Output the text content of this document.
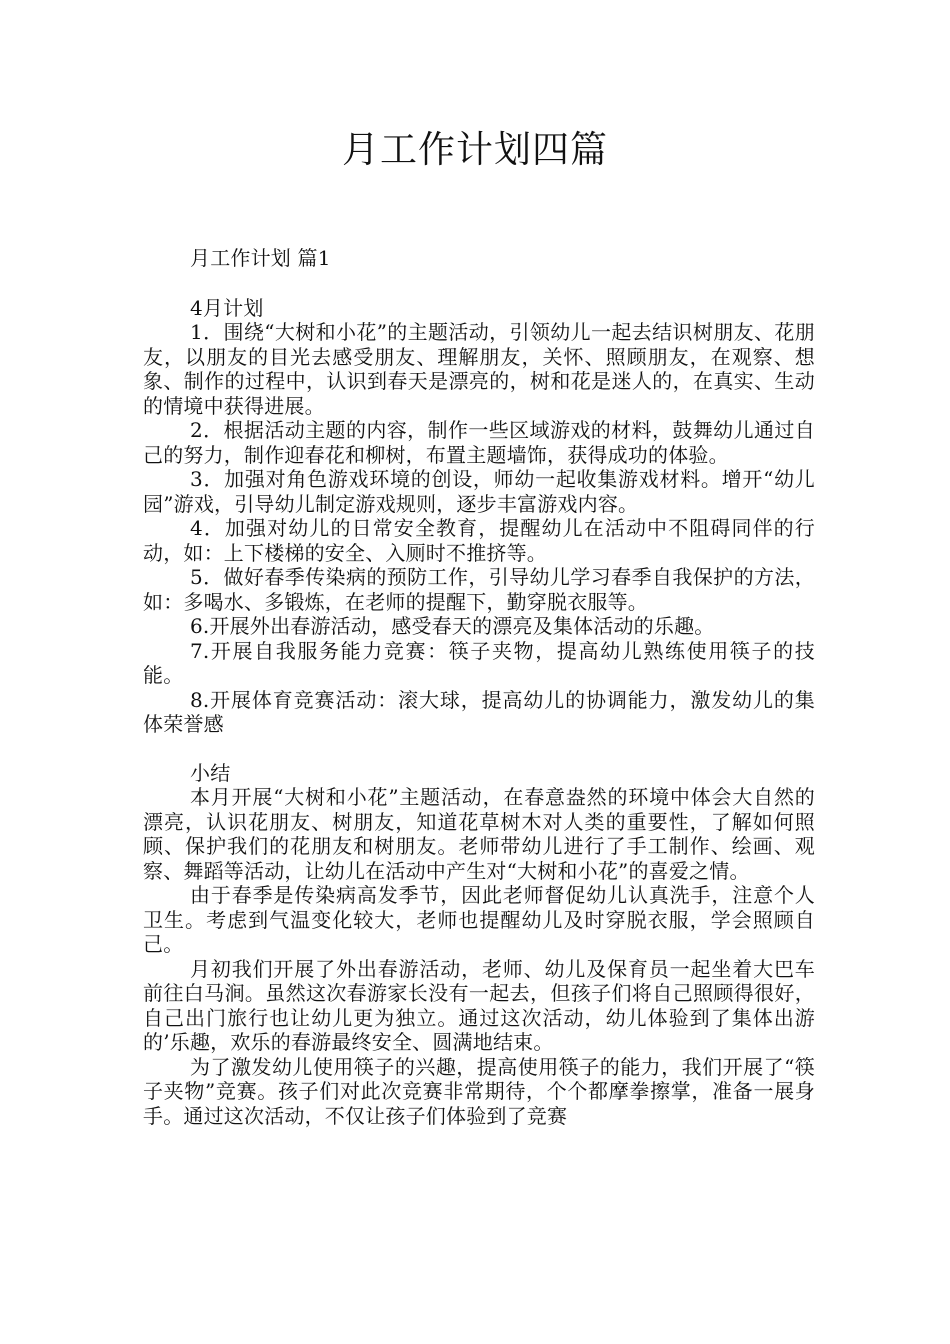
月工作计划四篇

月工作计划 篇1

4月计划

1．围绕“大树和小花”的主题活动，引领幼儿一起去结识树朋友、花朋友，以朋友的目光去感受朋友、理解朋友，关怀、照顾朋友，在观察、想象、制作的过程中，认识到春天是漂亮的，树和花是迷人的，在真实、生动的情境中获得进展。

2．根据活动主题的内容，制作一些区域游戏的材料，鼓舞幼儿通过自己的努力，制作迎春花和柳树，布置主题墙饰，获得成功的体验。

3．加强对角色游戏环境的创设，师幼一起收集游戏材料。增开“幼儿园”游戏，引导幼儿制定游戏规则，逐步丰富游戏内容。

4．加强对幼儿的日常安全教育，提醒幼儿在活动中不阻碍同伴的行动，如：上下楼梯的安全、入厕时不推挤等。

5．做好春季传染病的预防工作，引导幼儿学习春季自我保护的方法，如：多喝水、多锻炼，在老师的提醒下，勤穿脱衣服等。

6.开展外出春游活动，感受春天的漂亮及集体活动的乐趣。

7.开展自我服务能力竞赛：筷子夹物，提高幼儿熟练使用筷子的技能。

8.开展体育竞赛活动：滚大球，提高幼儿的协调能力，激发幼儿的集体荣誉感

小结

本月开展“大树和小花”主题活动，在春意盎然的环境中体会大自然的漂亮，认识花朋友、树朋友，知道花草树木对人类的重要性，了解如何照顾、保护我们的花朋友和树朋友。老师带幼儿进行了手工制作、绘画、观察、舞蹈等活动，让幼儿在活动中产生对“大树和小花”的喜爱之情。

由于春季是传染病高发季节，因此老师督促幼儿认真洗手，注意个人卫生。考虑到气温变化较大，老师也提醒幼儿及时穿脱衣服，学会照顾自己。

月初我们开展了外出春游活动，老师、幼儿及保育员一起坐着大巴车前往白马涧。虽然这次春游家长没有一起去，但孩子们将自己照顾得很好，自己出门旅行也让幼儿更为独立。通过这次活动，幼儿体验到了集体出游的’乐趣，欢乐的春游最终安全、圆满地结束。

为了激发幼儿使用筷子的兴趣，提高使用筷子的能力，我们开展了“筷子夹物”竞赛。孩子们对此次竞赛非常期待，个个都摩拳擦掌，准备一展身手。通过这次活动，不仅让孩子们体验到了竞赛
